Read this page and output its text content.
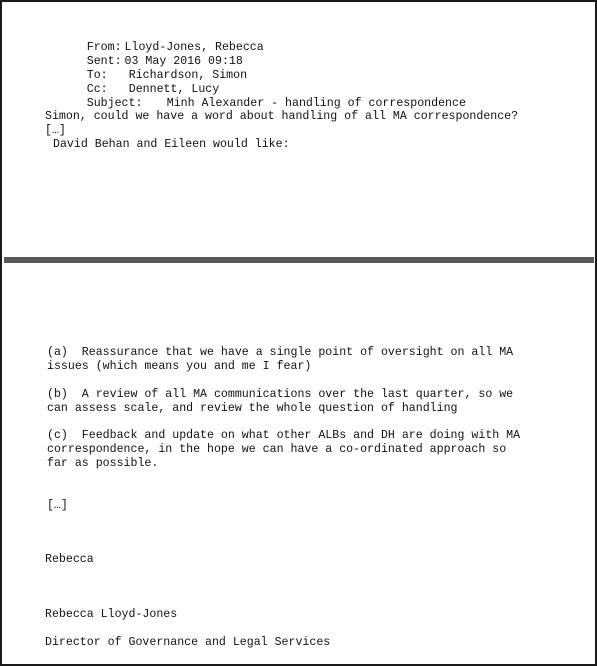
From: Lloyd-Jones, Rebecca

Sent: 03 May 2016 09:18

To: Richardson, Simon

Cc: Dennett, Lucy

Subject: Minh Alexander - handling of correspondence

Simon, could we have a word about handling of all MA correspondence?
[…]
David Behan and Eileen would like:
(a)  Reassurance that we have a single point of oversight on all MA
issues (which means you and me I fear)
(b)  A review of all MA communications over the last quarter, so we
can assess scale, and review the whole question of handling
(c)  Feedback and update on what other ALBs and DH are doing with MA
correspondence, in the hope we can have a co-ordinated approach so
far as possible.
[…]
Rebecca
Rebecca Lloyd-Jones
Director of Governance and Legal Services
